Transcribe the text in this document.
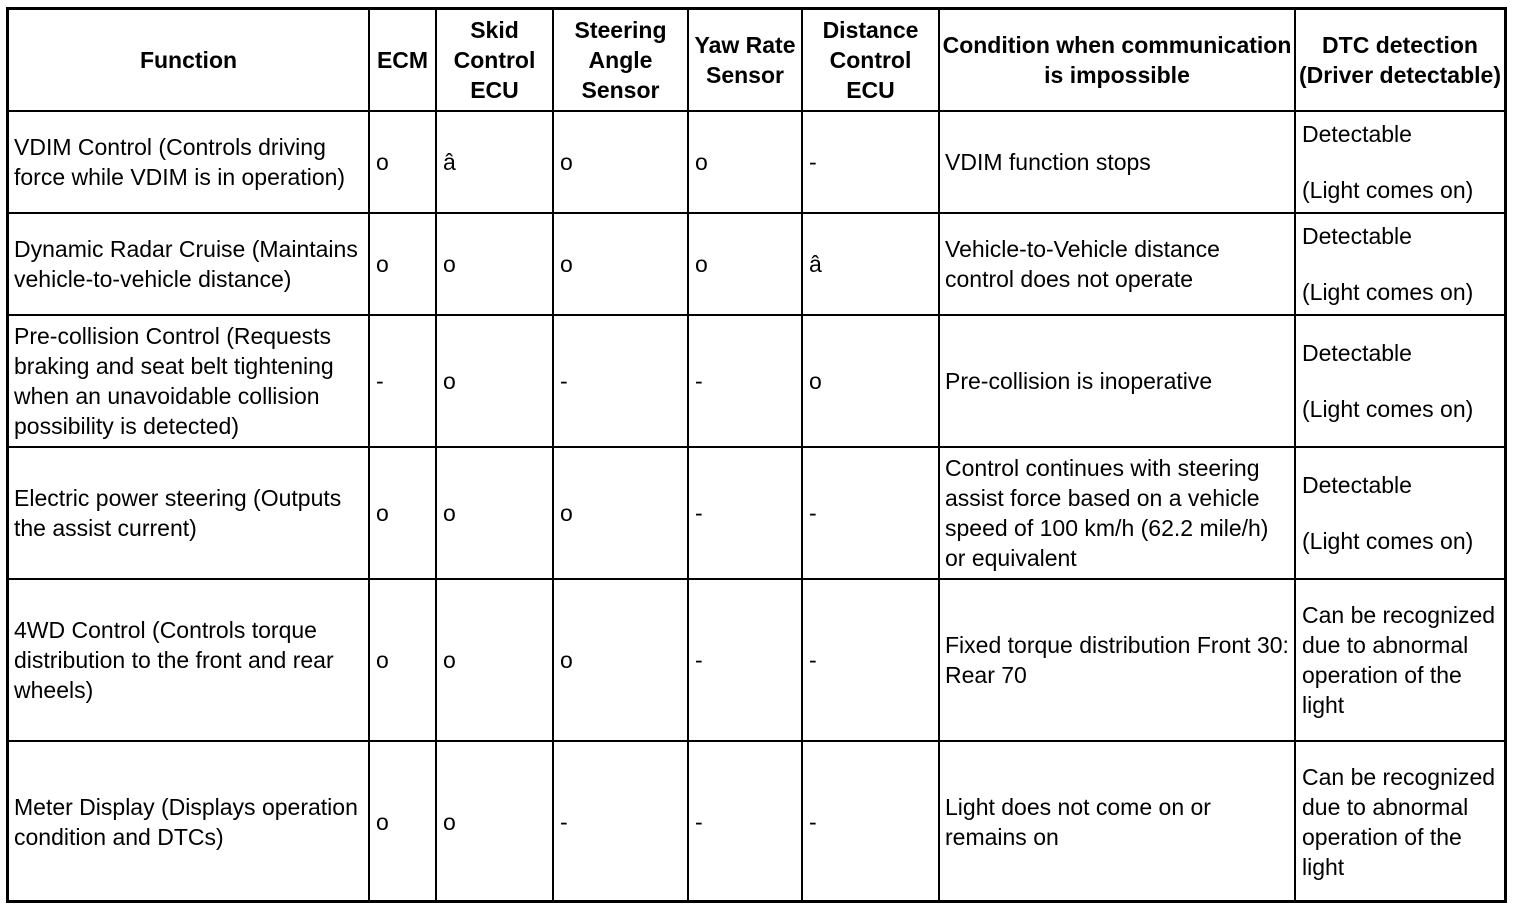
Function	ECM	Skid Control ECU	Steering Angle Sensor	Yaw Rate Sensor	Distance Control ECU	Condition when communication is impossible	DTC detection (Driver detectable)

VDIM Control (Controls driving force while VDIM is in operation)	o	â	o	o	-	VDIM function stops	Detectable
(Light comes on)

Dynamic Radar Cruise (Maintains vehicle-to-vehicle distance)	o	o	o	o	â	Vehicle-to-Vehicle distance control does not operate	Detectable
(Light comes on)

Pre-collision Control (Requests braking and seat belt tightening when an unavoidable collision possibility is detected)	-	o	-	-	o	Pre-collision is inoperative	Detectable
(Light comes on)

Electric power steering (Outputs the assist current)	o	o	o	-	-	Control continues with steering assist force based on a vehicle speed of 100 km/h (62.2 mile/h) or equivalent	Detectable
(Light comes on)

4WD Control (Controls torque distribution to the front and rear wheels)	o	o	o	-	-	Fixed torque distribution Front 30: Rear 70	Can be recognized due to abnormal operation of the light

Meter Display (Displays operation condition and DTCs)	o	o	-	-	-	Light does not come on or remains on	Can be recognized due to abnormal operation of the light
